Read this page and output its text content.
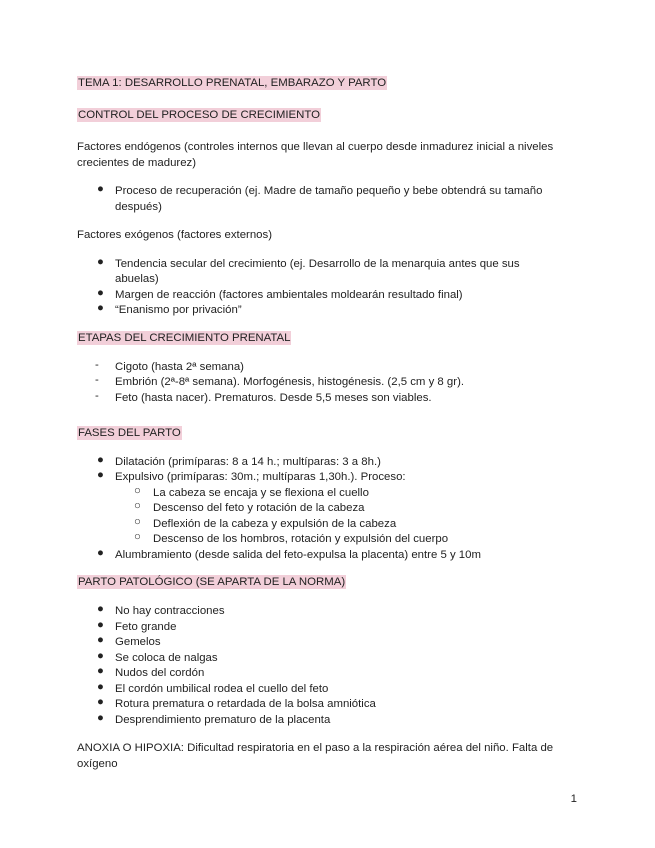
TEMA 1: DESARROLLO PRENATAL, EMBARAZO Y PARTO
CONTROL DEL PROCESO DE CRECIMIENTO
Factores endógenos (controles internos que llevan al cuerpo desde inmadurez inicial a niveles
crecientes de madurez)
● Proceso de recuperación (ej. Madre de tamaño pequeño y bebe obtendrá su tamaño
después)
Factores exógenos (factores externos)
● Tendencia secular del crecimiento (ej. Desarrollo de la menarquia antes que sus
abuelas)
● Margen de reacción (factores ambientales moldearán resultado final)
● “Enanismo por privación”
ETAPAS DEL CRECIMIENTO PRENATAL
- Cigoto (hasta 2ª semana)
- Embrión (2ª-8ª semana). Morfogénesis, histogénesis. (2,5 cm y 8 gr).
- Feto (hasta nacer). Prematuros. Desde 5,5 meses son viables.
FASES DEL PARTO
● Dilatación (primíparas: 8 a 14 h.; multíparas: 3 a 8h.)
● Expulsivo (primíparas: 30m.; multíparas 1,30h.). Proceso:
○ La cabeza se encaja y se flexiona el cuello
○ Descenso del feto y rotación de la cabeza
○ Deflexión de la cabeza y expulsión de la cabeza
○ Descenso de los hombros, rotación y expulsión del cuerpo
● Alumbramiento (desde salida del feto-expulsa la placenta) entre 5 y 10m
PARTO PATOLÓGICO (SE APARTA DE LA NORMA)
● No hay contracciones
● Feto grande
● Gemelos
● Se coloca de nalgas
● Nudos del cordón
● El cordón umbilical rodea el cuello del feto
● Rotura prematura o retardada de la bolsa amniótica
● Desprendimiento prematuro de la placenta
ANOXIA O HIPOXIA: Dificultad respiratoria en el paso a la respiración aérea del niño. Falta de
oxígeno
1
